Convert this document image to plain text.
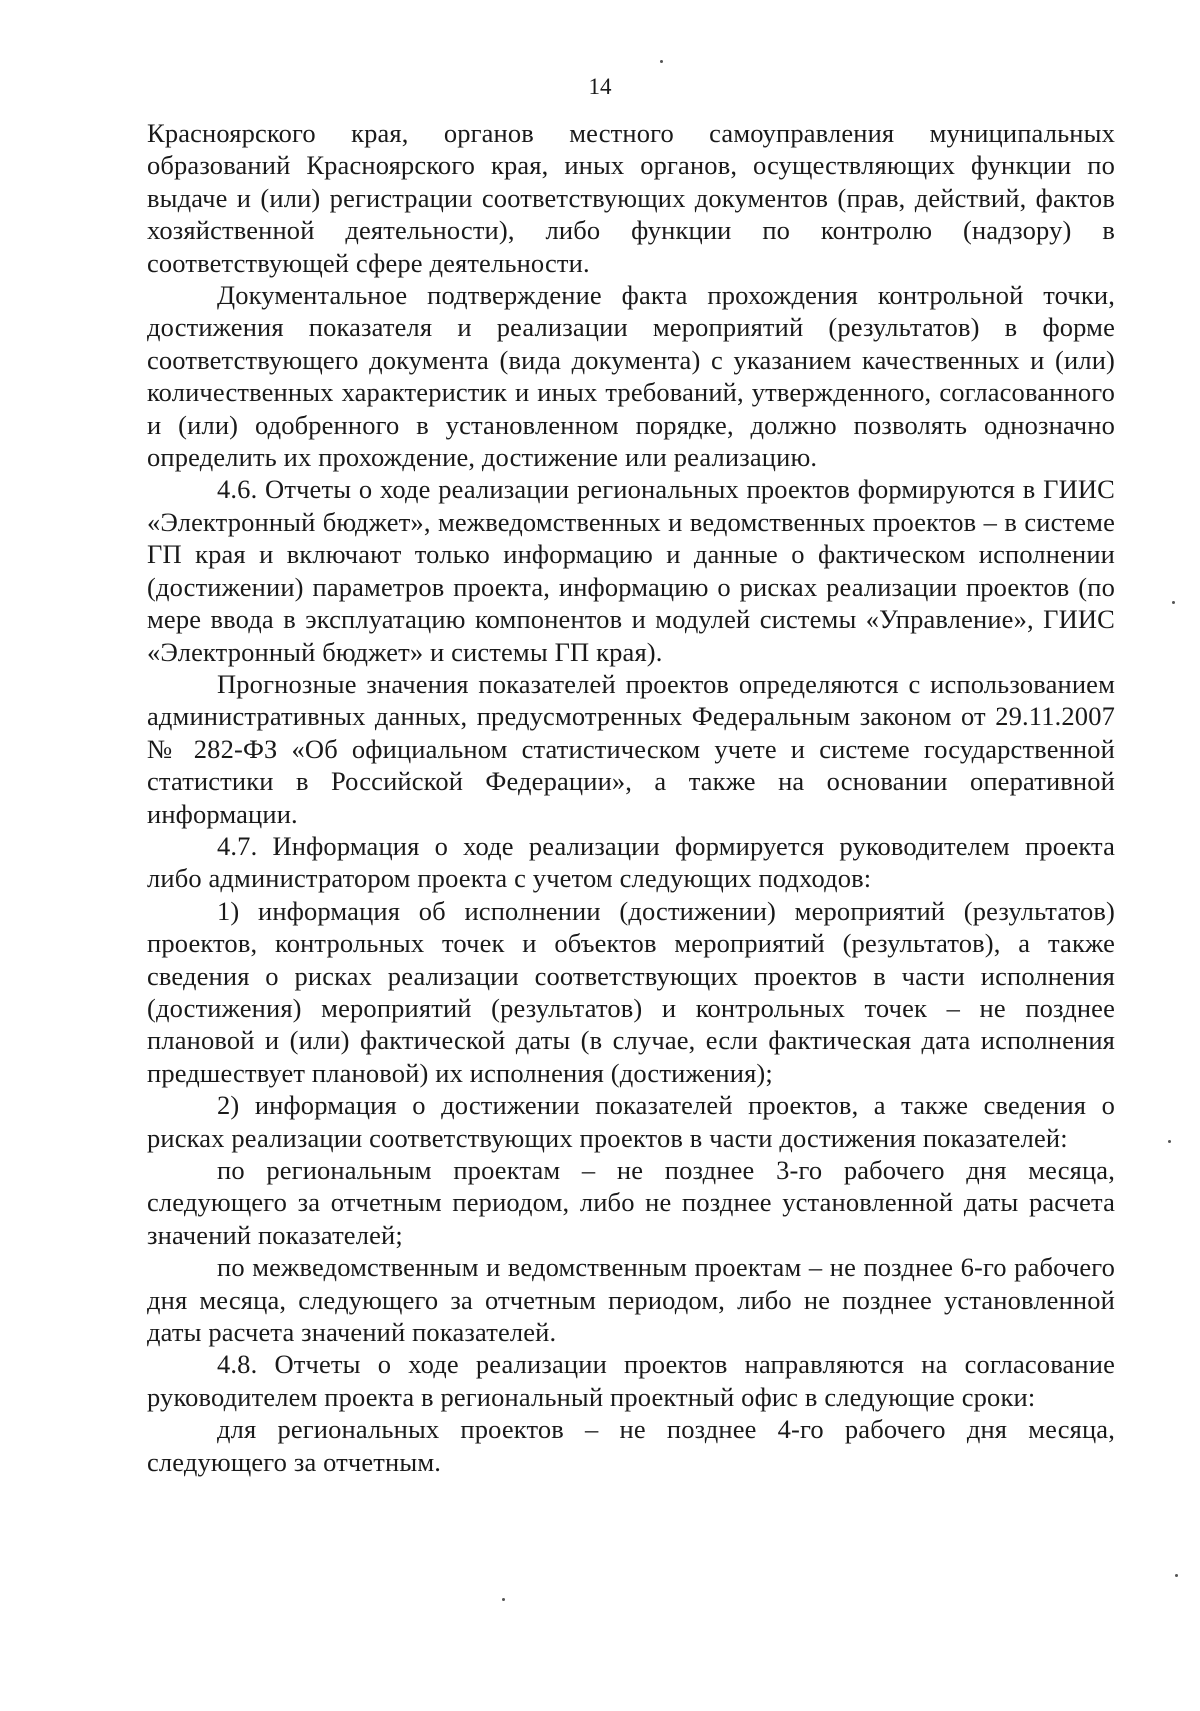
14

Красноярского края, органов местного самоуправления муниципальных образований Красноярского края, иных органов, осуществляющих функции по выдаче и (или) регистрации соответствующих документов (прав, действий, фактов хозяйственной деятельности), либо функции по контролю (надзору) в соответствующей сфере деятельности.

Документальное подтверждение факта прохождения контрольной точки, достижения показателя и реализации мероприятий (результатов) в форме соответствующего документа (вида документа) с указанием качественных и (или) количественных характеристик и иных требований, утвержденного, согласованного и (или) одобренного в установленном порядке, должно позволять однозначно определить их прохождение, достижение или реализацию.

4.6. Отчеты о ходе реализации региональных проектов формируются в ГИИС «Электронный бюджет», межведомственных и ведомственных проектов – в системе ГП края и включают только информацию и данные о фактическом исполнении (достижении) параметров проекта, информацию о рисках реализации проектов (по мере ввода в эксплуатацию компонентов и модулей системы «Управление», ГИИС «Электронный бюджет» и системы ГП края).

Прогнозные значения показателей проектов определяются с использованием административных данных, предусмотренных Федеральным законом от 29.11.2007 № 282-ФЗ «Об официальном статистическом учете и системе государственной статистики в Российской Федерации», а также на основании оперативной информации.

4.7. Информация о ходе реализации формируется руководителем проекта либо администратором проекта с учетом следующих подходов:

1) информация об исполнении (достижении) мероприятий (результатов) проектов, контрольных точек и объектов мероприятий (результатов), а также сведения о рисках реализации соответствующих проектов в части исполнения (достижения) мероприятий (результатов) и контрольных точек – не позднее плановой и (или) фактической даты (в случае, если фактическая дата исполнения предшествует плановой) их исполнения (достижения);

2) информация о достижении показателей проектов, а также сведения о рисках реализации соответствующих проектов в части достижения показателей:

по региональным проектам – не позднее 3-го рабочего дня месяца, следующего за отчетным периодом, либо не позднее установленной даты расчета значений показателей;

по межведомственным и ведомственным проектам – не позднее 6-го рабочего дня месяца, следующего за отчетным периодом, либо не позднее установленной даты расчета значений показателей.

4.8. Отчеты о ходе реализации проектов направляются на согласование руководителем проекта в региональный проектный офис в следующие сроки:

для региональных проектов – не позднее 4-го рабочего дня месяца, следующего за отчетным.
